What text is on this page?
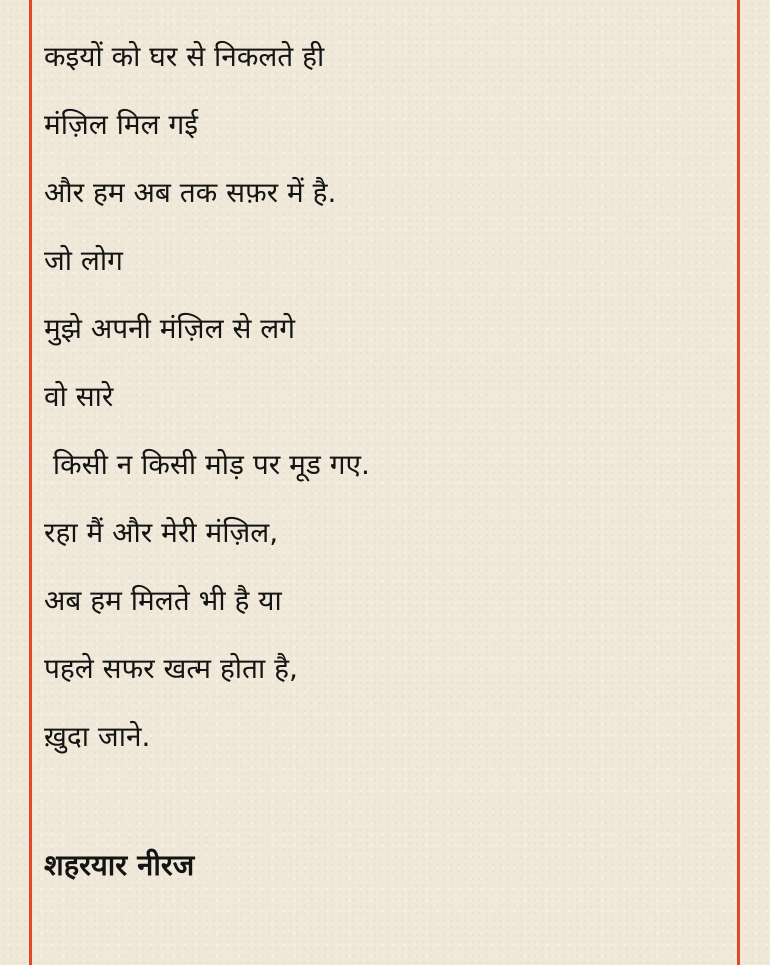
कइयों को घर से निकलते ही
मंज़िल मिल गई
और हम अब तक सफ़र में है.
जो लोग
मुझे अपनी मंज़िल से लगे
वो सारे
किसी न किसी मोड़ पर मूड गए.
रहा मैं और मेरी मंज़िल,
अब हम मिलते भी है या
पहले सफर खत्म होता है,
ख़ुदा जाने.
शहरयार नीरज
